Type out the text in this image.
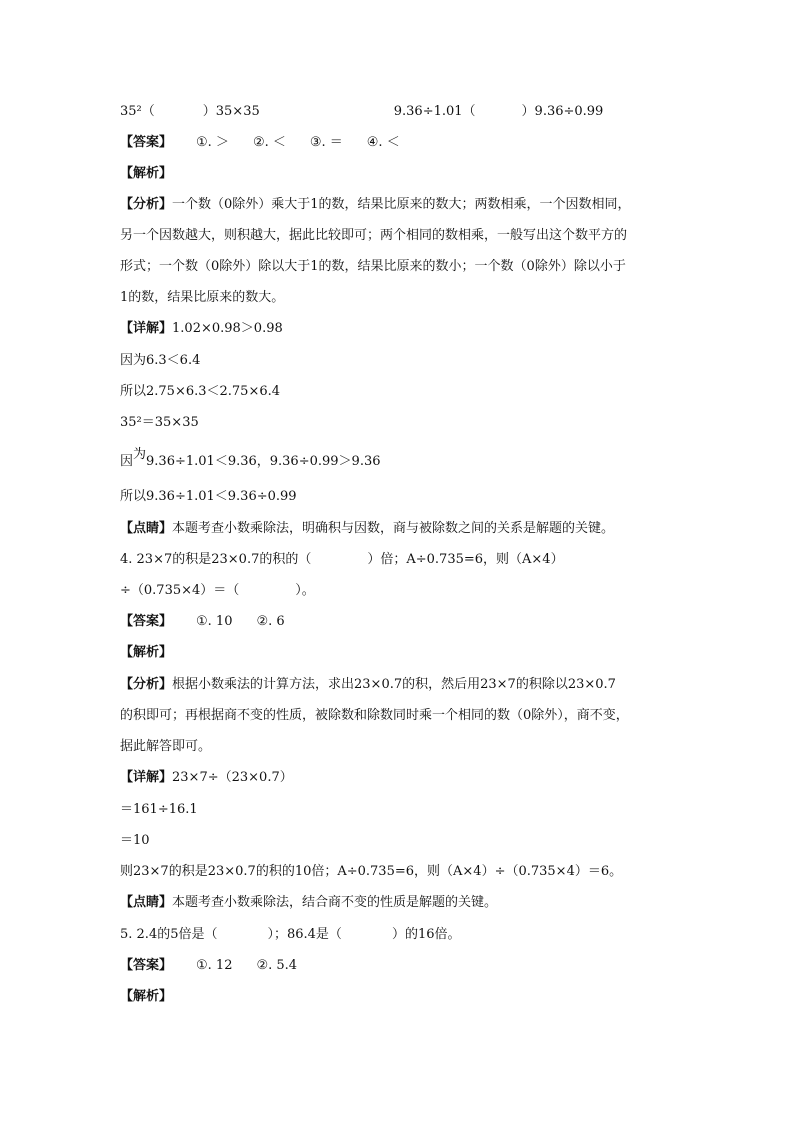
35²（	）35×35	9.36÷1.01（	）9.36÷0.99
【答案】 ①. ＞ ②. ＜ ③. ＝ ④. ＜
【解析】
【分析】一个数（0除外）乘大于1的数，结果比原来的数大；两数相乘，一个因数相同，
另一个因数越大，则积越大，据此比较即可；两个相同的数相乘，一般写出这个数平方的
形式；一个数（0除外）除以大于1的数，结果比原来的数小；一个数（0除外）除以小于
1的数，结果比原来的数大。
【详解】1.02×0.98＞0.98
因为6.3＜6.4
所以2.75×6.3＜2.75×6.4
35²＝35×35
因为9.36÷1.01＜9.36，9.36÷0.99＞9.36
所以9.36÷1.01＜9.36÷0.99
【点睛】本题考查小数乘除法，明确积与因数，商与被除数之间的关系是解题的关键。
4. 23×7的积是23×0.7的积的（	）倍；A÷0.735=6，则（A×4）
÷（0.735×4）＝（	）。
【答案】 ①. 10 ②. 6
【解析】
【分析】根据小数乘法的计算方法，求出23×0.7的积，然后用23×7的积除以23×0.7
的积即可；再根据商不变的性质，被除数和除数同时乘一个相同的数（0除外），商不变，
据此解答即可。
【详解】23×7÷（23×0.7）
＝161÷16.1
＝10
则23×7的积是23×0.7的积的10倍；A÷0.735=6，则（A×4）÷（0.735×4）＝6。
【点睛】本题考查小数乘除法，结合商不变的性质是解题的关键。
5. 2.4的5倍是（	）；86.4是（	）的16倍。
【答案】 ①. 12 ②. 5.4
【解析】
